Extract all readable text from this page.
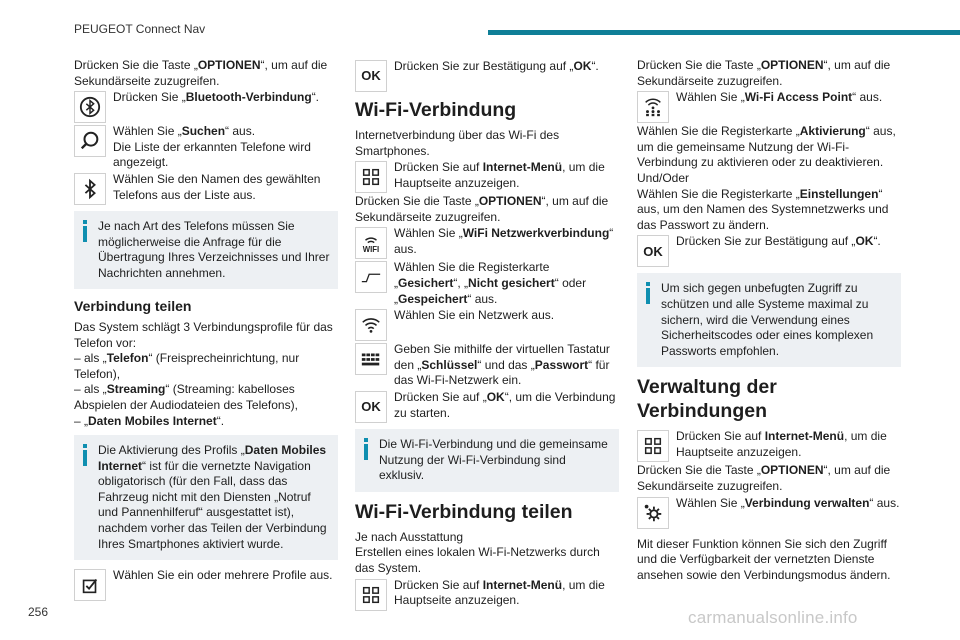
PEUGEOT Connect Nav

Drücken Sie die Taste „OPTIONEN“, um auf die Sekundärseite zuzugreifen.

Drücken Sie „Bluetooth-Verbindung“.

Wählen Sie „Suchen“ aus.
Die Liste der erkannten Telefone wird angezeigt.

Wählen Sie den Namen des gewählten Telefons aus der Liste aus.

Je nach Art des Telefons müssen Sie möglicherweise die Anfrage für die Übertragung Ihres Verzeichnisses und Ihrer Nachrichten annehmen.

Verbindung teilen

Das System schlägt 3 Verbindungsprofile für das Telefon vor:

– als „Telefon“ (Freisprecheinrichtung, nur Telefon),

– als „Streaming“ (Streaming: kabelloses Abspielen der Audiodateien des Telefons),

– „Daten Mobiles Internet“.

Die Aktivierung des Profils „Daten Mobiles Internet“ ist für die vernetzte Navigation obligatorisch (für den Fall, dass das Fahrzeug nicht mit den Diensten „Notruf und Pannenhilferuf“ ausgestattet ist), nachdem vorher das Teilen der Verbindung Ihres Smartphones aktiviert wurde.

Wählen Sie ein oder mehrere Profile aus.

OK

Drücken Sie zur Bestätigung auf „OK“.

Wi-Fi-Verbindung

Internetverbindung über das Wi-Fi des Smartphones.

Drücken Sie auf Internet-Menü, um die Hauptseite anzuzeigen.

Drücken Sie die Taste „OPTIONEN“, um auf die Sekundärseite zuzugreifen.

WIFI

Wählen Sie „WiFi Netzwerkverbindung“ aus.

Wählen Sie die Registerkarte „Gesichert“, „Nicht gesichert“ oder „Gespeichert“ aus.

Wählen Sie ein Netzwerk aus.

Geben Sie mithilfe der virtuellen Tastatur den „Schlüssel“ und das „Passwort“ für das Wi-Fi-Netzwerk ein.

OK

Drücken Sie auf „OK“, um die Verbindung zu starten.

Die Wi-Fi-Verbindung und die gemeinsame Nutzung der Wi-Fi-Verbindung sind exklusiv.

Wi-Fi-Verbindung teilen

Je nach Ausstattung

Erstellen eines lokalen Wi-Fi-Netzwerks durch das System.

Drücken Sie auf Internet-Menü, um die Hauptseite anzuzeigen.

Drücken Sie die Taste „OPTIONEN“, um auf die Sekundärseite zuzugreifen.

Wählen Sie „Wi-Fi Access Point“ aus.

Wählen Sie die Registerkarte „Aktivierung“ aus, um die gemeinsame Nutzung der Wi-Fi-Verbindung zu aktivieren oder zu deaktivieren.

Und/Oder

Wählen Sie die Registerkarte „Einstellungen“ aus, um den Namen des Systemnetzwerks und das Passwort zu ändern.

OK

Drücken Sie zur Bestätigung auf „OK“.

Um sich gegen unbefugten Zugriff zu schützen und alle Systeme maximal zu sichern, wird die Verwendung eines Sicherheitscodes oder eines komplexen Passworts empfohlen.

Verwaltung der Verbindungen

Drücken Sie auf Internet-Menü, um die Hauptseite anzuzeigen.

Drücken Sie die Taste „OPTIONEN“, um auf die Sekundärseite zuzugreifen.

Wählen Sie „Verbindung verwalten“ aus.

Mit dieser Funktion können Sie sich den Zugriff und die Verfügbarkeit der vernetzten Dienste ansehen sowie den Verbindungsmodus ändern.

256	carmanualsonline.info
